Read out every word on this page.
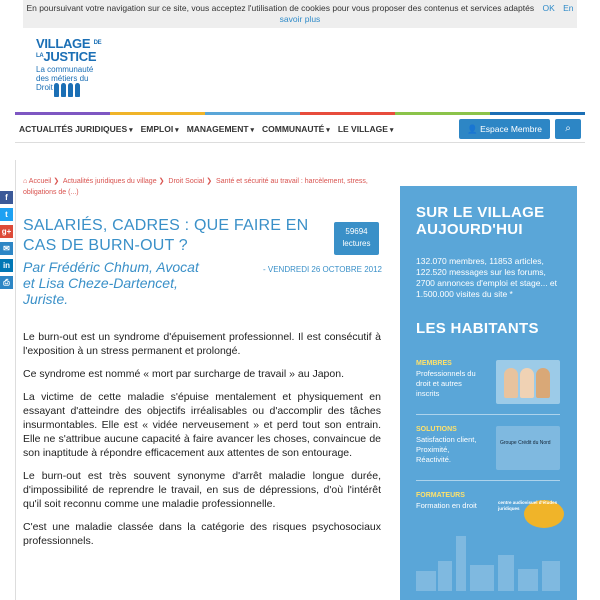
En poursuivant votre navigation sur ce site, vous acceptez l'utilisation de cookies pour vous proposer des contenus et services adaptés OK En savoir plus
VILLAGE $^{DE}$
$^{LA}$JUSTICE
La communauté des métiers du Droit
ACTUALITÉS JURIDIQUES ▾	EMPLOI ▾	MANAGEMENT ▾	COMMUNAUTÉ ▾	LE VILLAGE ▾	👤 Espace Membre	⌕
f
t
g+
✉
in
⎙
⌂ Accueil ❯ Actualités juridiques du village ❯ Droit Social ❯ Santé et sécurité au travail : harcèlement, stress, obligations de (...)
SALARIÉS, CADRES : QUE FAIRE EN CAS DE BURN-OUT ?
59694
lectures
Par Frédéric Chhum, Avocat et Lisa Cheze-Dartencet, Juriste.
- VENDREDI 26 OCTOBRE 2012

Le burn-out est un syndrome d'épuisement professionnel. Il est consécutif à l'exposition à un stress permanent et prolongé.

Ce syndrome est nommé « mort par surcharge de travail » au Japon.

La victime de cette maladie s'épuise mentalement et physiquement en essayant d'atteindre des objectifs irréalisables ou d'accomplir des tâches insurmontables. Elle est « vidée nerveusement » et perd tout son entrain. Elle ne s'attribue aucune capacité à faire avancer les choses, convaincue de son inaptitude à répondre efficacement aux attentes de son entourage.

Le burn-out est très souvent synonyme d'arrêt maladie longue durée, d'impossibilité de reprendre le travail, en sus de dépressions, d'où l'intérêt qu'il soit reconnu comme une maladie professionnelle.

C'est une maladie classée dans la catégorie des risques psychosociaux professionnels.

SUR LE VILLAGE AUJOURD'HUI
132.070 membres, 11853 articles, 122.520 messages sur les forums, 2700 annonces d'emploi et stage... et 1.500.000 visites du site *
LES HABITANTS
MEMBRES
Professionnels du droit et autres inscrits
SOLUTIONS
Satisfaction client, Proximité, Réactivité.
Groupe Crédit du Nord
FORMATEURS
Formation en droit	centre audiovisuel d'études juridiques
